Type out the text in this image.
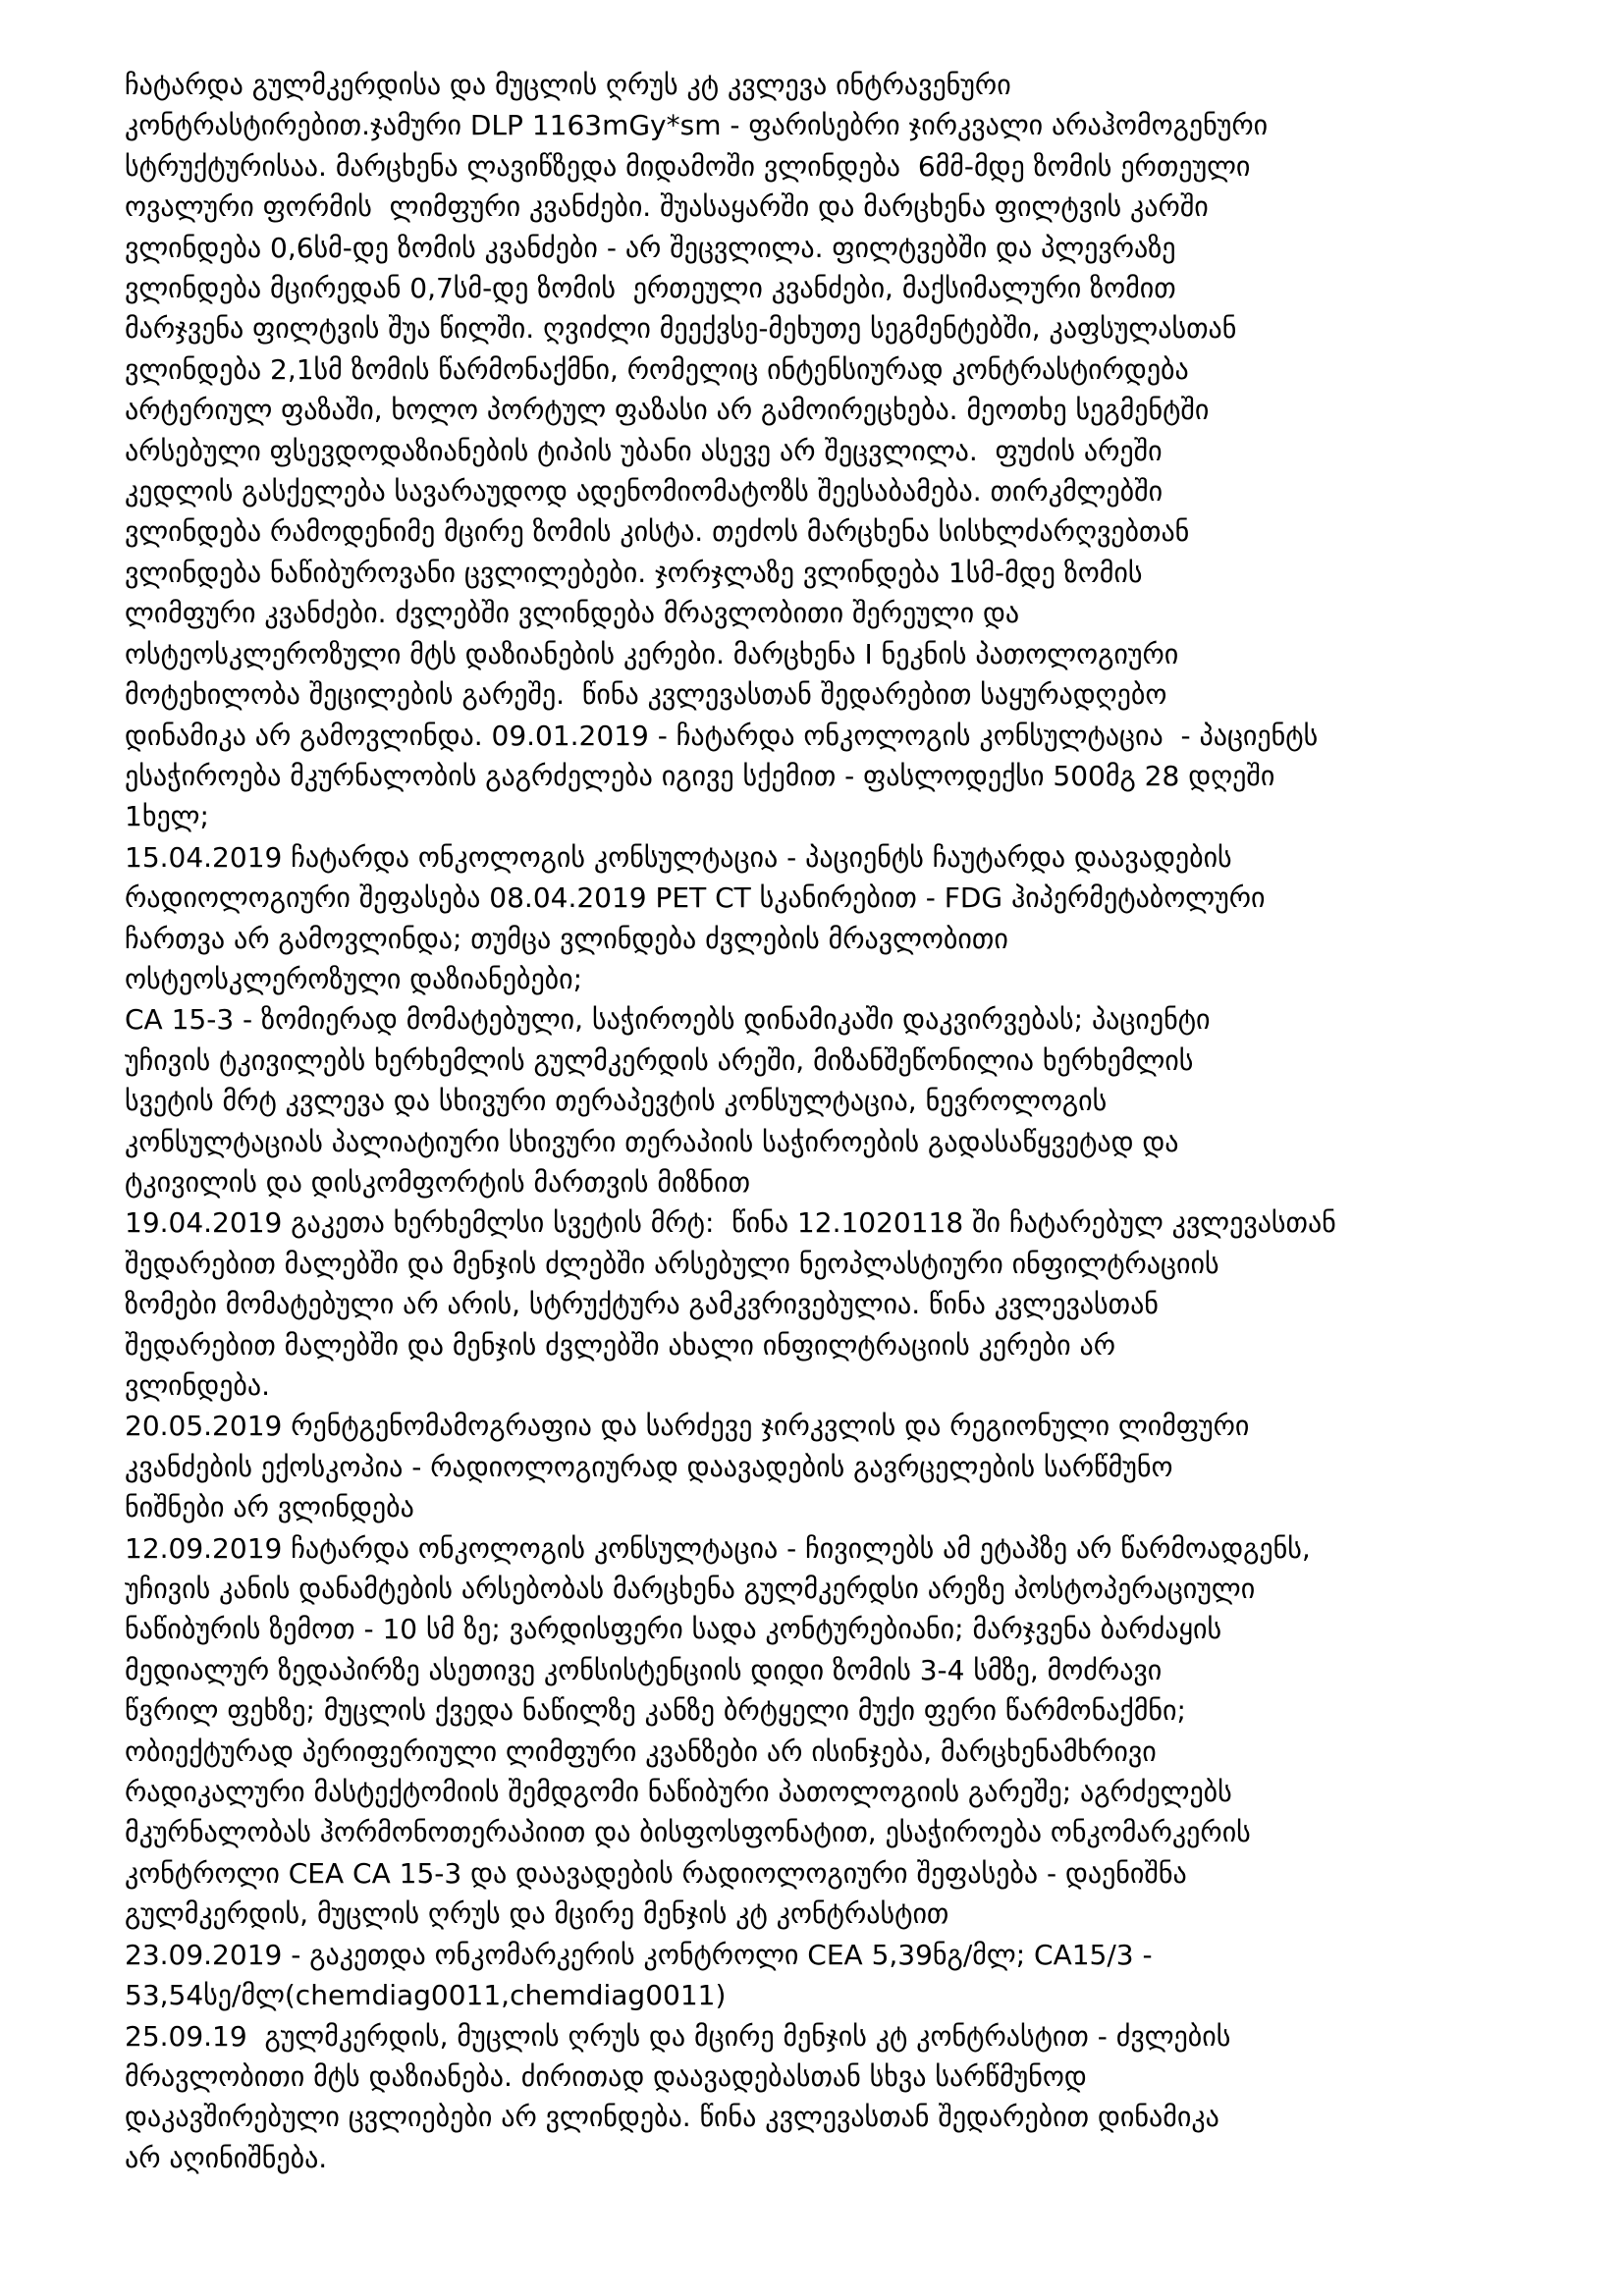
ჩატარდა გულმკერდისა და მუცლის ღრუს კტ კვლევა ინტრავენური
კონტრასტირებით.ჯამური DLP 1163mGy*sm - ფარისებრი ჯირკვალი არაჰომოგენური
სტრუქტურისაა. მარცხენა ლავიწზედა მიდამოში ვლინდება  6მმ-მდე ზომის ერთეული
ოვალური ფორმის  ლიმფური კვანძები. შუასაყარში და მარცხენა ფილტვის კარში
ვლინდება 0,6სმ-დე ზომის კვანძები - არ შეცვლილა. ფილტვებში და პლევრაზე
ვლინდება მცირედან 0,7სმ-დე ზომის  ერთეული კვანძები, მაქსიმალური ზომით
მარჯვენა ფილტვის შუა წილში. ღვიძლი მეექვსე-მეხუთე სეგმენტებში, კაფსულასთან
ვლინდება 2,1სმ ზომის წარმონაქმნი, რომელიც ინტენსიურად კონტრასტირდება
არტერიულ ფაზაში, ხოლო პორტულ ფაზასი არ გამოირეცხება. მეოთხე სეგმენტში
არსებული ფსევდოდაზიანების ტიპის უბანი ასევე არ შეცვლილა.  ფუძის არეში
კედლის გასქელება სავარაუდოდ ადენომიომატოზს შეესაბამება. თირკმლებში
ვლინდება რამოდენიმე მცირე ზომის კისტა. თეძოს მარცხენა სისხლძარღვებთან
ვლინდება ნაწიბუროვანი ცვლილებები. ჯორჯლაზე ვლინდება 1სმ-მდე ზომის
ლიმფური კვანძები. ძვლებში ვლინდება მრავლობითი შერეული და
ოსტეოსკლეროზული მტს დაზიანების კერები. მარცხენა I ნეკნის პათოლოგიური
მოტეხილობა შეცილების გარეშე.  წინა კვლევასთან შედარებით საყურადღებო
დინამიკა არ გამოვლინდა. 09.01.2019 - ჩატარდა ონკოლოგის კონსულტაცია  - პაციენტს
ესაჭიროება მკურნალობის გაგრძელება იგივე სქემით - ფასლოდექსი 500მგ 28 დღეში
1ხელ;
15.04.2019 ჩატარდა ონკოლოგის კონსულტაცია - პაციენტს ჩაუტარდა დაავადების
რადიოლოგიური შეფასება 08.04.2019 PET CT სკანირებით - FDG ჰიპერმეტაბოლური
ჩართვა არ გამოვლინდა; თუმცა ვლინდება ძვლების მრავლობითი
ოსტეოსკლეროზული დაზიანებები;
CA 15-3 - ზომიერად მომატებული, საჭიროებს დინამიკაში დაკვირვებას; პაციენტი
უჩივის ტკივილებს ხერხემლის გულმკერდის არეში, მიზანშეწონილია ხერხემლის
სვეტის მრტ კვლევა და სხივური თერაპევტის კონსულტაცია, ნევროლოგის
კონსულტაციას პალიატიური სხივური თერაპიის საჭიროების გადასაწყვეტად და
ტკივილის და დისკომფორტის მართვის მიზნით
19.04.2019 გაკეთა ხერხემლსი სვეტის მრტ:  წინა 12.1020118 ში ჩატარებულ კვლევასთან
შედარებით მალებში და მენჯის ძლებში არსებული ნეოპლასტიური ინფილტრაციის
ზომები მომატებული არ არის, სტრუქტურა გამკვრივებულია. წინა კვლევასთან
შედარებით მალებში და მენჯის ძვლებში ახალი ინფილტრაციის კერები არ
ვლინდება.
20.05.2019 რენტგენომამოგრაფია და სარძევე ჯირკვლის და რეგიონული ლიმფური
კვანძების ექოსკოპია - რადიოლოგიურად დაავადების გავრცელების სარწმუნო
ნიშნები არ ვლინდება
12.09.2019 ჩატარდა ონკოლოგის კონსულტაცია - ჩივილებს ამ ეტაპზე არ წარმოადგენს,
უჩივის კანის დანამტების არსებობას მარცხენა გულმკერდსი არეზე პოსტოპერაციული
ნაწიბურის ზემოთ - 10 სმ ზე; ვარდისფერი სადა კონტურებიანი; მარჯვენა ბარძაყის
მედიალურ ზედაპირზე ასეთივე კონსისტენციის დიდი ზომის 3-4 სმზე, მოძრავი
წვრილ ფეხზე; მუცლის ქვედა ნაწილზე კანზე ბრტყელი მუქი ფერი წარმონაქმნი;
ობიექტურად პერიფერიული ლიმფური კვანზები არ ისინჯება, მარცხენამხრივი
რადიკალური მასტექტომიის შემდგომი ნაწიბური პათოლოგიის გარეშე; აგრძელებს
მკურნალობას ჰორმონოთერაპიით და ბისფოსფონატით, ესაჭიროება ონკომარკერის
კონტროლი CEA CA 15-3 და დაავადების რადიოლოგიური შეფასება - დაენიშნა
გულმკერდის, მუცლის ღრუს და მცირე მენჯის კტ კონტრასტით
23.09.2019 - გაკეთდა ონკომარკერის კონტროლი CEA 5,39ნგ/მლ; CA15/3 -
53,54სე/მლ(chemdiag0011,chemdiag0011)
25.09.19  გულმკერდის, მუცლის ღრუს და მცირე მენჯის კტ კონტრასტით - ძვლების
მრავლობითი მტს დაზიანება. ძირითად დაავადებასთან სხვა სარწმუნოდ
დაკავშირებული ცვლიებები არ ვლინდება. წინა კვლევასთან შედარებით დინამიკა
არ აღინიშნება.
